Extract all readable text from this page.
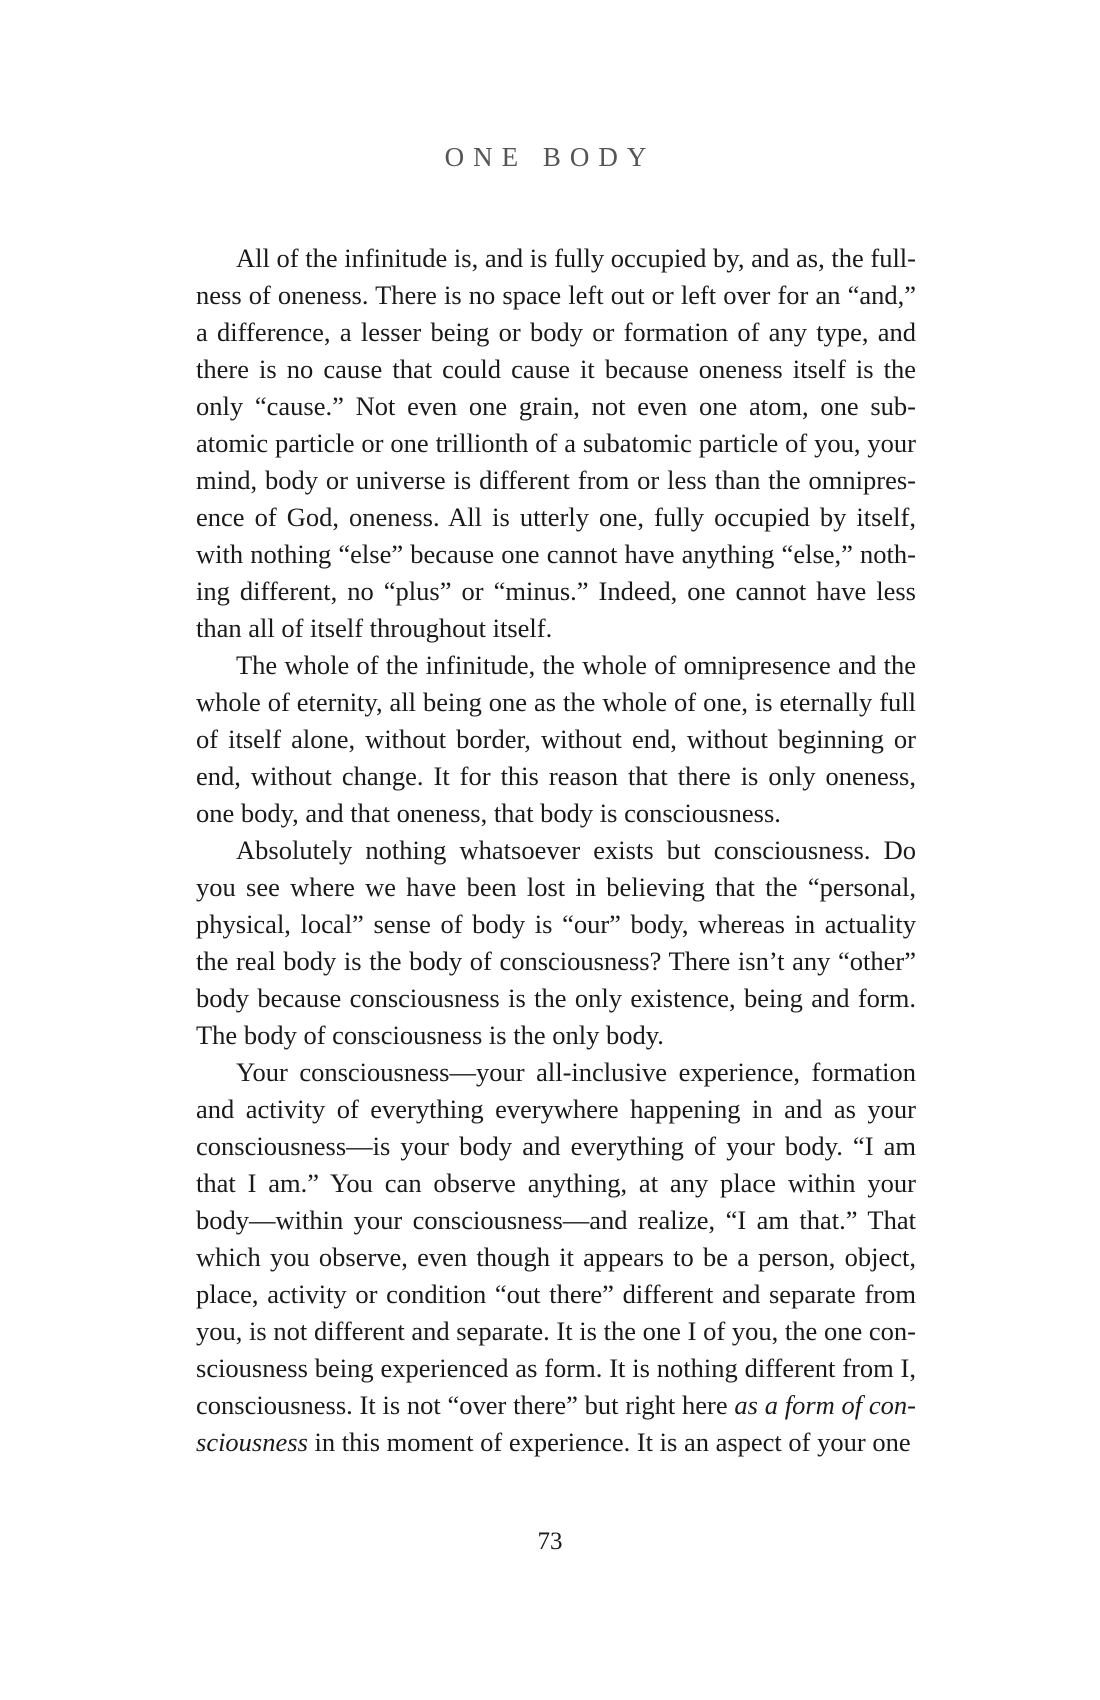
ONE BODY

All of the infinitude is, and is fully occupied by, and as, the fullness of oneness. There is no space left out or left over for an “and,” a difference, a lesser being or body or formation of any type, and there is no cause that could cause it because oneness itself is the only “cause.” Not even one grain, not even one atom, one subatomic particle or one trillionth of a subatomic particle of you, your mind, body or universe is different from or less than the omnipresence of God, oneness. All is utterly one, fully occupied by itself, with nothing “else” because one cannot have anything “else,” nothing different, no “plus” or “minus.” Indeed, one cannot have less than all of itself throughout itself.

The whole of the infinitude, the whole of omnipresence and the whole of eternity, all being one as the whole of one, is eternally full of itself alone, without border, without end, without beginning or end, without change. It for this reason that there is only oneness, one body, and that oneness, that body is consciousness.

Absolutely nothing whatsoever exists but consciousness. Do you see where we have been lost in believing that the “personal, physical, local” sense of body is “our” body, whereas in actuality the real body is the body of consciousness? There isn’t any “other” body because consciousness is the only existence, being and form. The body of consciousness is the only body.

Your consciousness—your all-inclusive experience, formation and activity of everything everywhere happening in and as your consciousness—is your body and everything of your body. “I am that I am.” You can observe anything, at any place within your body—within your consciousness—and realize, “I am that.” That which you observe, even though it appears to be a person, object, place, activity or condition “out there” different and separate from you, is not different and separate. It is the one I of you, the one consciousness being experienced as form. It is nothing different from I, consciousness. It is not “over there” but right here as a form of consciousness in this moment of experience. It is an aspect of your one

73
